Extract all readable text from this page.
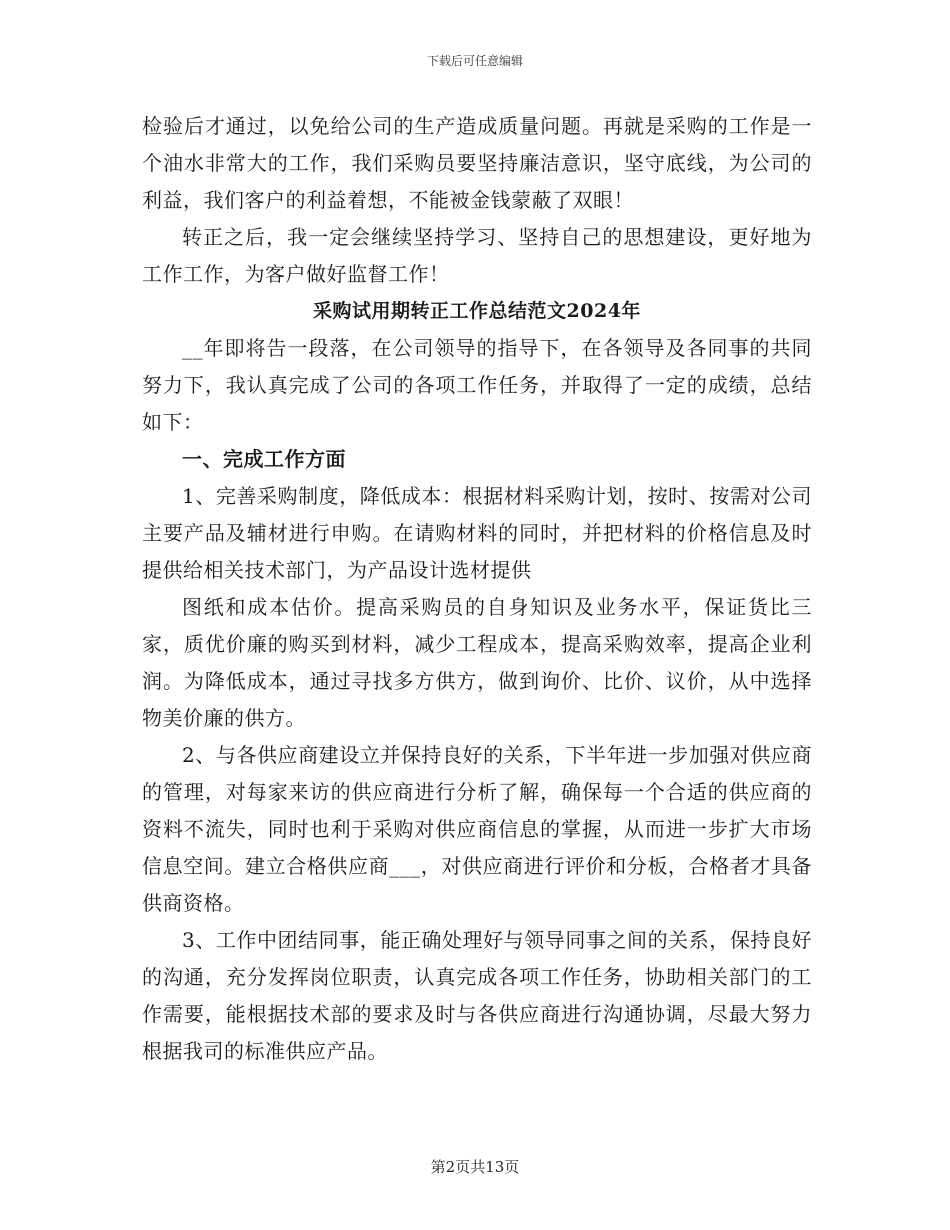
下载后可任意编辑

检验后才通过，以免给公司的生产造成质量问题。再就是采购的工作是一个油水非常大的工作，我们采购员要坚持廉洁意识，坚守底线，为公司的利益，我们客户的利益着想，不能被金钱蒙蔽了双眼！

转正之后，我一定会继续坚持学习、坚持自己的思想建设，更好地为工作工作，为客户做好监督工作！

采购试用期转正工作总结范文2024年

__年即将告一段落，在公司领导的指导下，在各领导及各同事的共同努力下，我认真完成了公司的各项工作任务，并取得了一定的成绩，总结如下：

一、完成工作方面

1、完善采购制度，降低成本：根据材料采购计划，按时、按需对公司主要产品及辅材进行申购。在请购材料的同时，并把材料的价格信息及时提供给相关技术部门，为产品设计选材提供

图纸和成本估价。提高采购员的自身知识及业务水平，保证货比三家，质优价廉的购买到材料，减少工程成本，提高采购效率，提高企业利润。为降低成本，通过寻找多方供方，做到询价、比价、议价，从中选择物美价廉的供方。

2、与各供应商建设立并保持良好的关系，下半年进一步加强对供应商的管理，对每家来访的供应商进行分析了解，确保每一个合适的供应商的资料不流失，同时也利于采购对供应商信息的掌握，从而进一步扩大市场信息空间。建立合格供应商___，对供应商进行评价和分板，合格者才具备供商资格。

3、工作中团结同事，能正确处理好与领导同事之间的关系，保持良好的沟通，充分发挥岗位职责，认真完成各项工作任务，协助相关部门的工作需要，能根据技术部的要求及时与各供应商进行沟通协调，尽最大努力根据我司的标准供应产品。

第2页共13页
